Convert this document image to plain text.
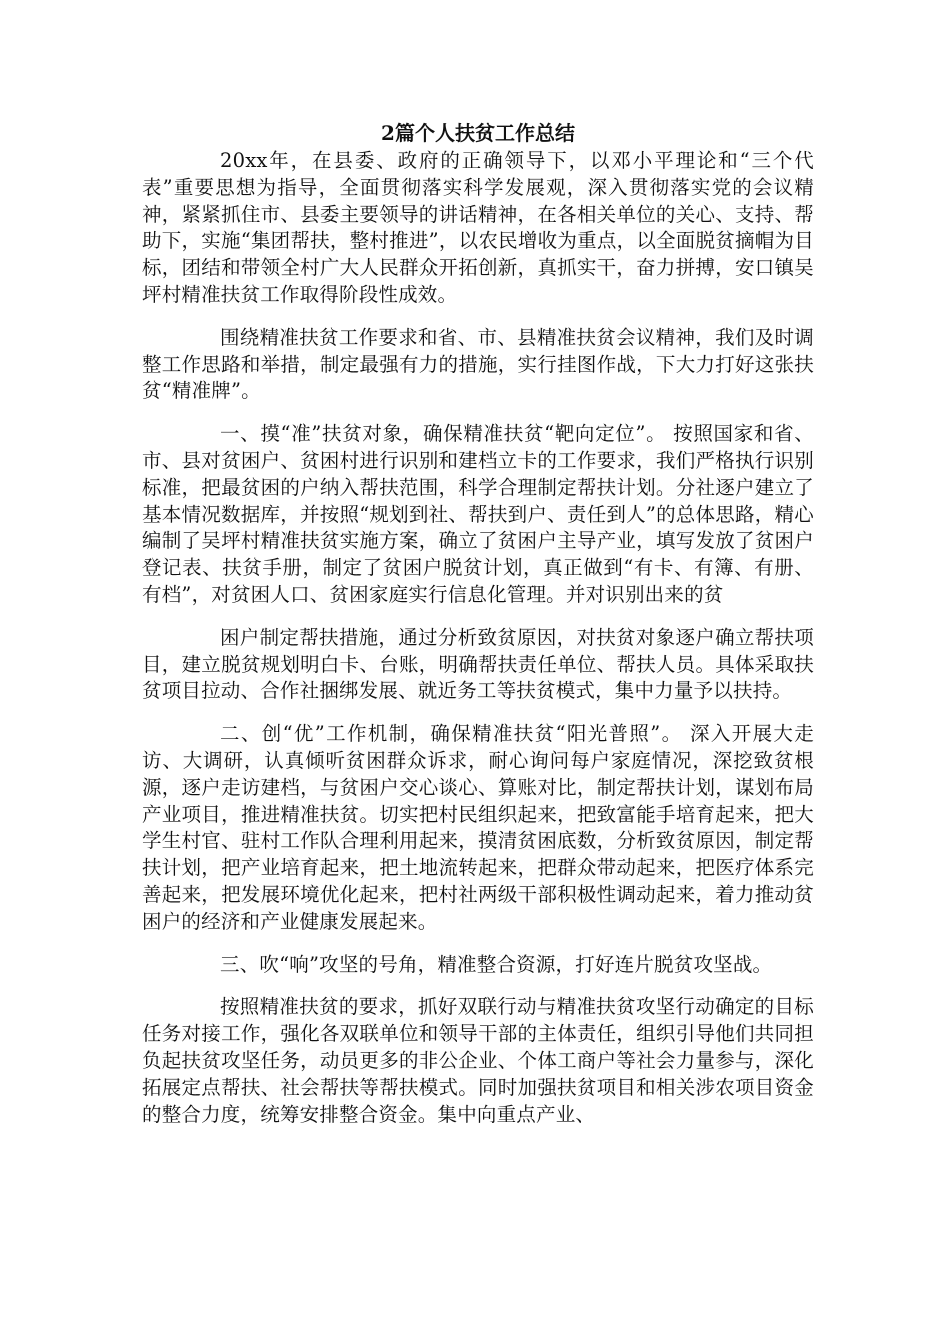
2篇个人扶贫工作总结

20xx年，在县委、政府的正确领导下，以邓小平理论和“三个代表”重要思想为指导，全面贯彻落实科学发展观，深入贯彻落实党的会议精神，紧紧抓住市、县委主要领导的讲话精神，在各相关单位的关心、支持、帮助下，实施“集团帮扶，整村推进”，以农民增收为重点，以全面脱贫摘帽为目标，团结和带领全村广大人民群众开拓创新，真抓实干，奋力拼搏，安口镇吴坪村精准扶贫工作取得阶段性成效。

围绕精准扶贫工作要求和省、市、县精准扶贫会议精神，我们及时调整工作思路和举措，制定最强有力的措施，实行挂图作战，下大力打好这张扶贫“精准牌”。

一、摸“准”扶贫对象，确保精准扶贫“靶向定位”。 按照国家和省、市、县对贫困户、贫困村进行识别和建档立卡的工作要求，我们严格执行识别标准，把最贫困的户纳入帮扶范围，科学合理制定帮扶计划。分社逐户建立了基本情况数据库，并按照“规划到社、帮扶到户、责任到人”的总体思路，精心编制了吴坪村精准扶贫实施方案，确立了贫困户主导产业，填写发放了贫困户登记表、扶贫手册，制定了贫困户脱贫计划，真正做到“有卡、有簿、有册、有档”，对贫困人口、贫困家庭实行信息化管理。并对识别出来的贫

困户制定帮扶措施，通过分析致贫原因，对扶贫对象逐户确立帮扶项目，建立脱贫规划明白卡、台账，明确帮扶责任单位、帮扶人员。具体采取扶贫项目拉动、合作社捆绑发展、就近务工等扶贫模式，集中力量予以扶持。

二、创“优”工作机制，确保精准扶贫“阳光普照”。 深入开展大走访、大调研，认真倾听贫困群众诉求，耐心询问每户家庭情况，深挖致贫根源，逐户走访建档，与贫困户交心谈心、算账对比，制定帮扶计划，谋划布局产业项目，推进精准扶贫。切实把村民组织起来，把致富能手培育起来，把大学生村官、驻村工作队合理利用起来，摸清贫困底数，分析致贫原因，制定帮扶计划，把产业培育起来，把土地流转起来，把群众带动起来，把医疗体系完善起来，把发展环境优化起来，把村社两级干部积极性调动起来，着力推动贫困户的经济和产业健康发展起来。

三、吹“响”攻坚的号角，精准整合资源，打好连片脱贫攻坚战。

按照精准扶贫的要求，抓好双联行动与精准扶贫攻坚行动确定的目标任务对接工作，强化各双联单位和领导干部的主体责任，组织引导他们共同担负起扶贫攻坚任务，动员更多的非公企业、个体工商户等社会力量参与，深化拓展定点帮扶、社会帮扶等帮扶模式。同时加强扶贫项目和相关涉农项目资金的整合力度，统筹安排整合资金。集中向重点产业、
